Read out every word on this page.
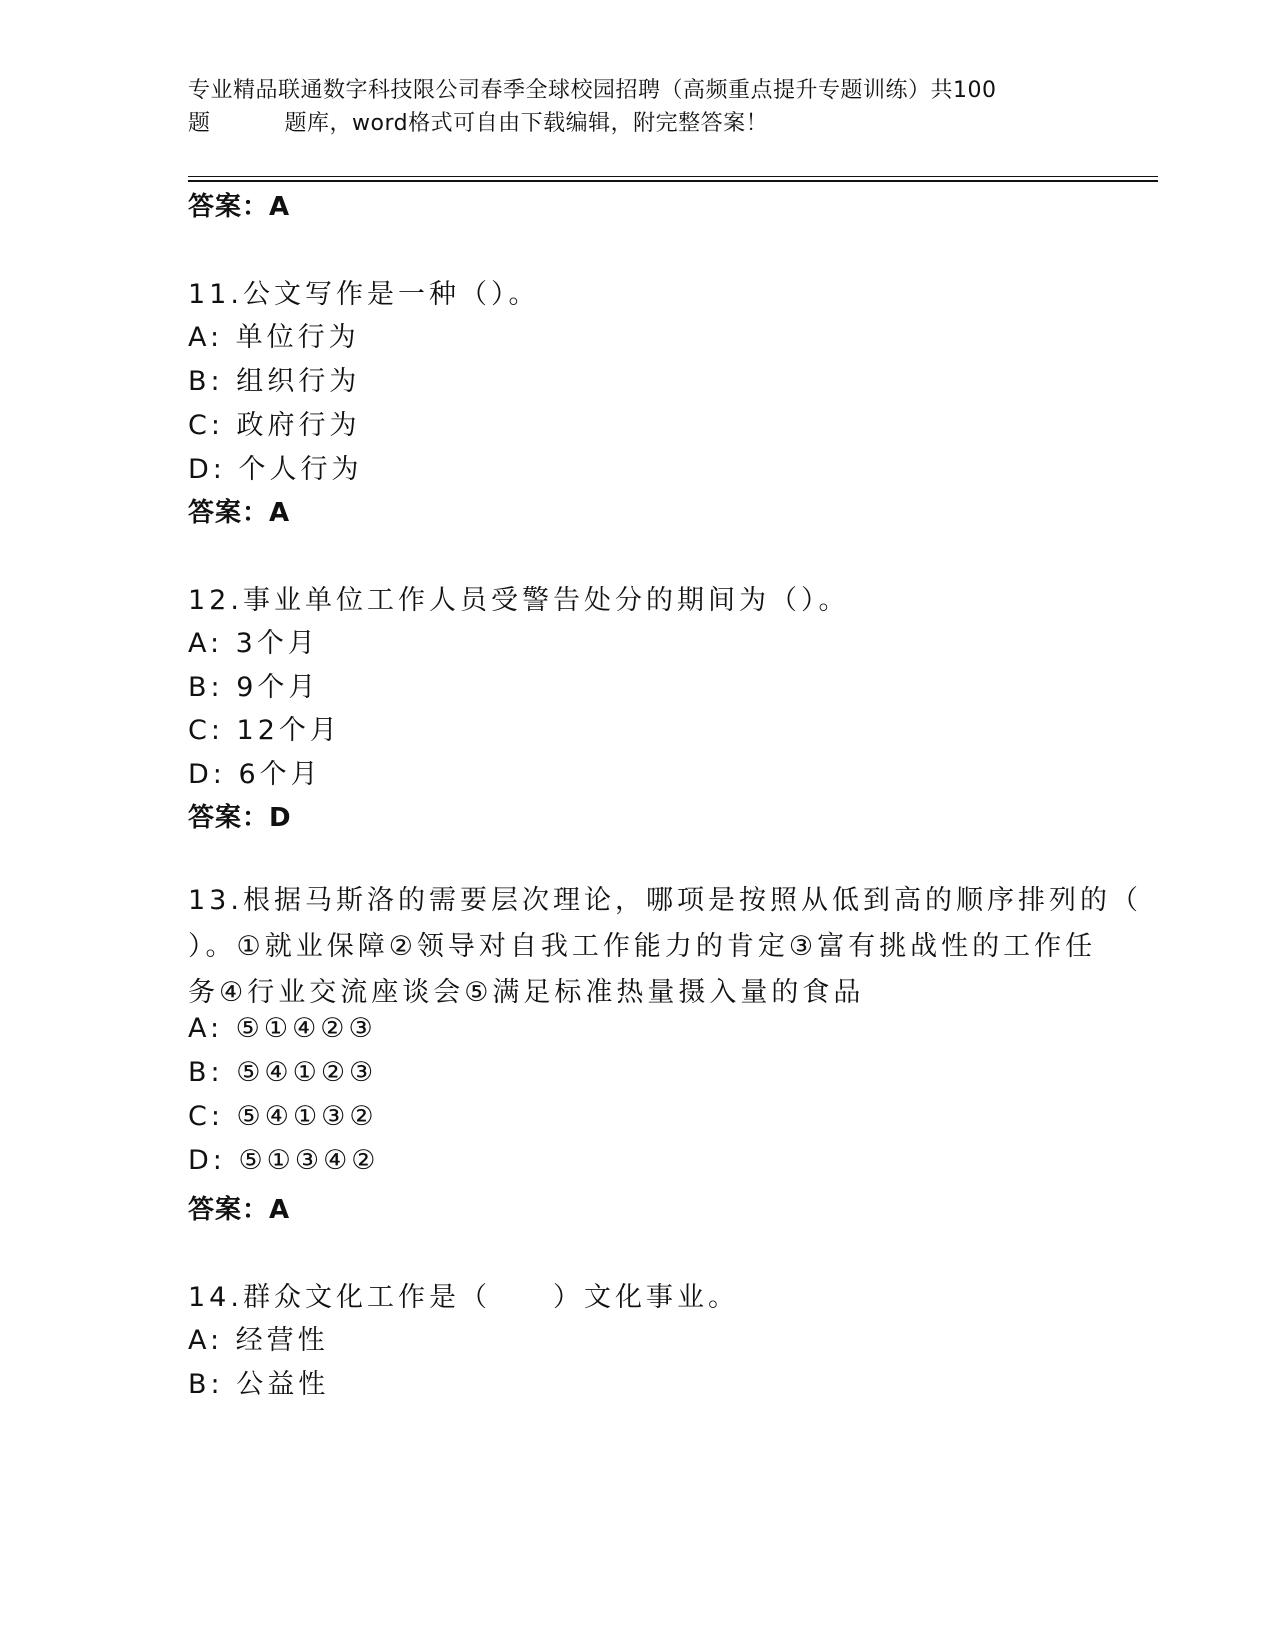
专业精品联通数字科技限公司春季全球校园招聘（高频重点提升专题训练）共100
题	题库，word格式可自由下载编辑，附完整答案！
答案：A
11.公文写作是一种（）。
A: 单位行为
B: 组织行为
C: 政府行为
D: 个人行为
答案：A
12.事业单位工作人员受警告处分的期间为（）。
A: 3个月
B: 9个月
C: 12个月
D: 6个月
答案：D
13.根据马斯洛的需要层次理论，哪项是按照从低到高的顺序排列的（
）。①就业保障②领导对自我工作能力的肯定③富有挑战性的工作任
务④行业交流座谈会⑤满足标准热量摄入量的食品
A: ⑤①④②③
B: ⑤④①②③
C: ⑤④①③②
D: ⑤①③④②
答案：A
14.群众文化工作是（　　）文化事业。
A: 经营性
B: 公益性
